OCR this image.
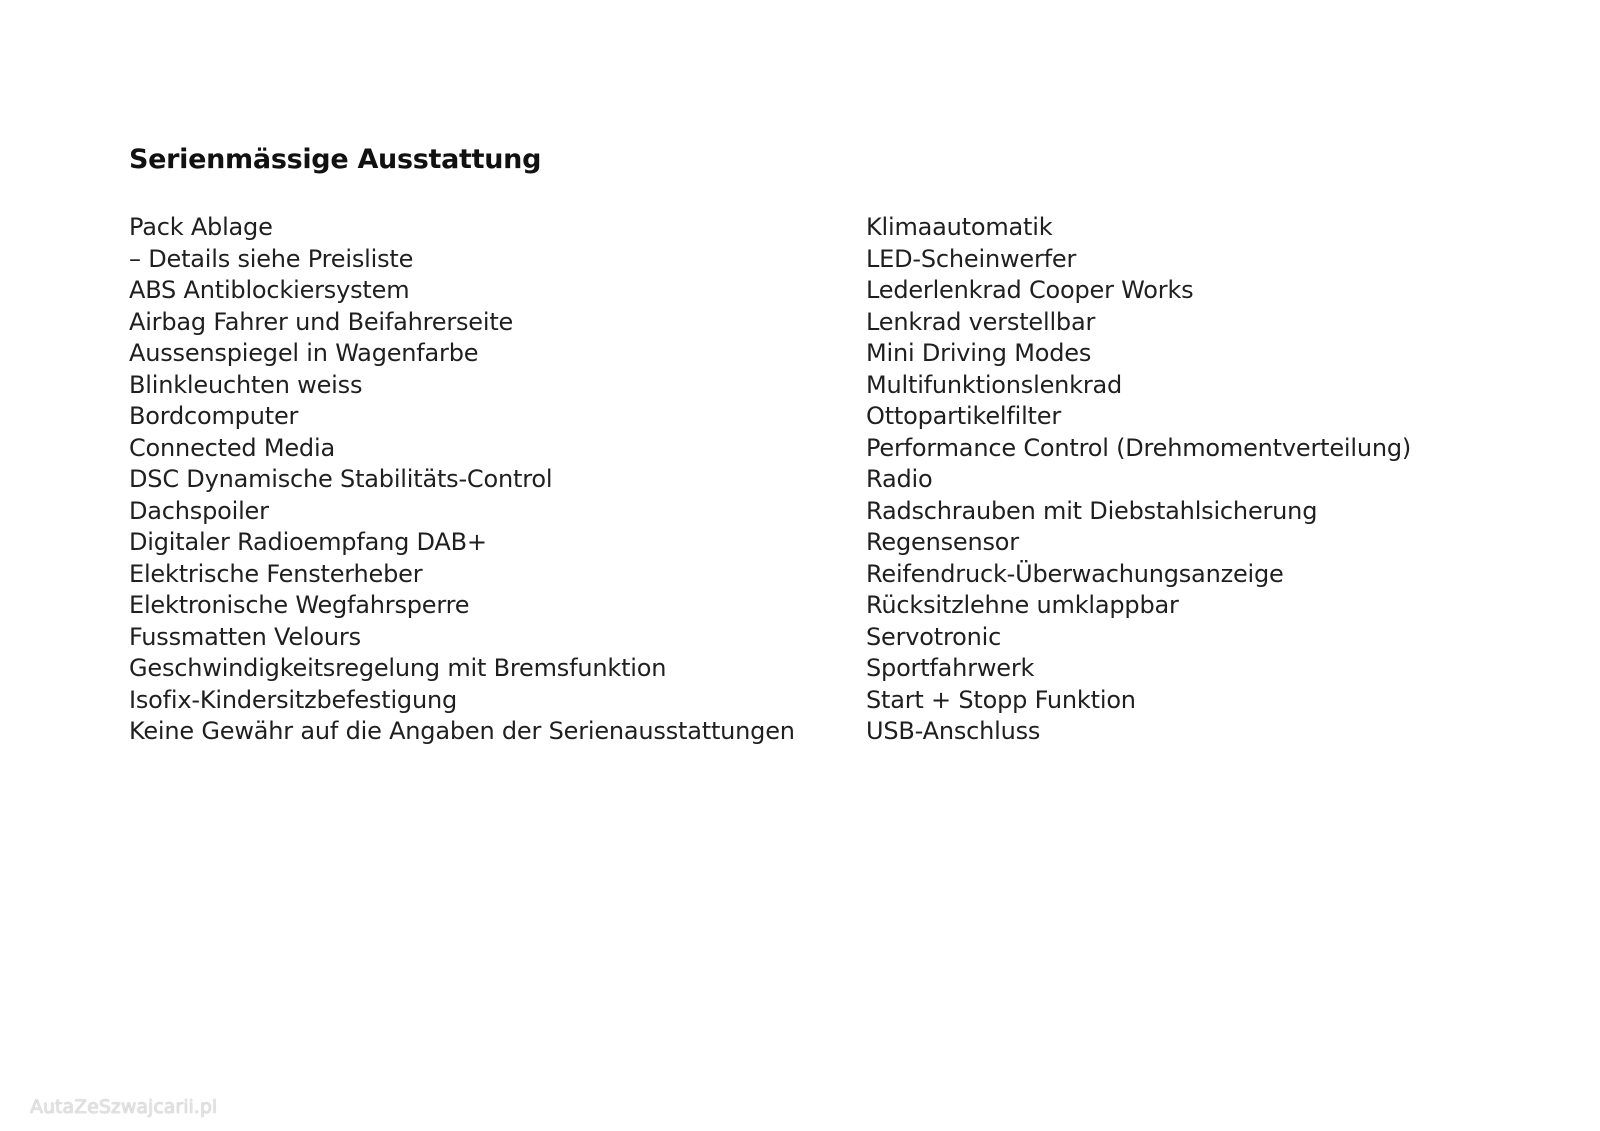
Serienmässige Ausstattung
Pack Ablage
– Details siehe Preisliste
ABS Antiblockiersystem
Airbag Fahrer und Beifahrerseite
Aussenspiegel in Wagenfarbe
Blinkleuchten weiss
Bordcomputer
Connected Media
DSC Dynamische Stabilitäts-Control
Dachspoiler
Digitaler Radioempfang DAB+
Elektrische Fensterheber
Elektronische Wegfahrsperre
Fussmatten Velours
Geschwindigkeitsregelung mit Bremsfunktion
Isofix-Kindersitzbefestigung
Keine Gewähr auf die Angaben der Serienausstattungen
Klimaautomatik
LED-Scheinwerfer
Lederlenkrad Cooper Works
Lenkrad verstellbar
Mini Driving Modes
Multifunktionslenkrad
Ottopartikelfilter
Performance Control (Drehmomentverteilung)
Radio
Radschrauben mit Diebstahlsicherung
Regensensor
Reifendruck-Überwachungsanzeige
Rücksitzlehne umklappbar
Servotronic
Sportfahrwerk
Start + Stopp Funktion
USB-Anschluss
AutaZeSzwajcarii.pl
